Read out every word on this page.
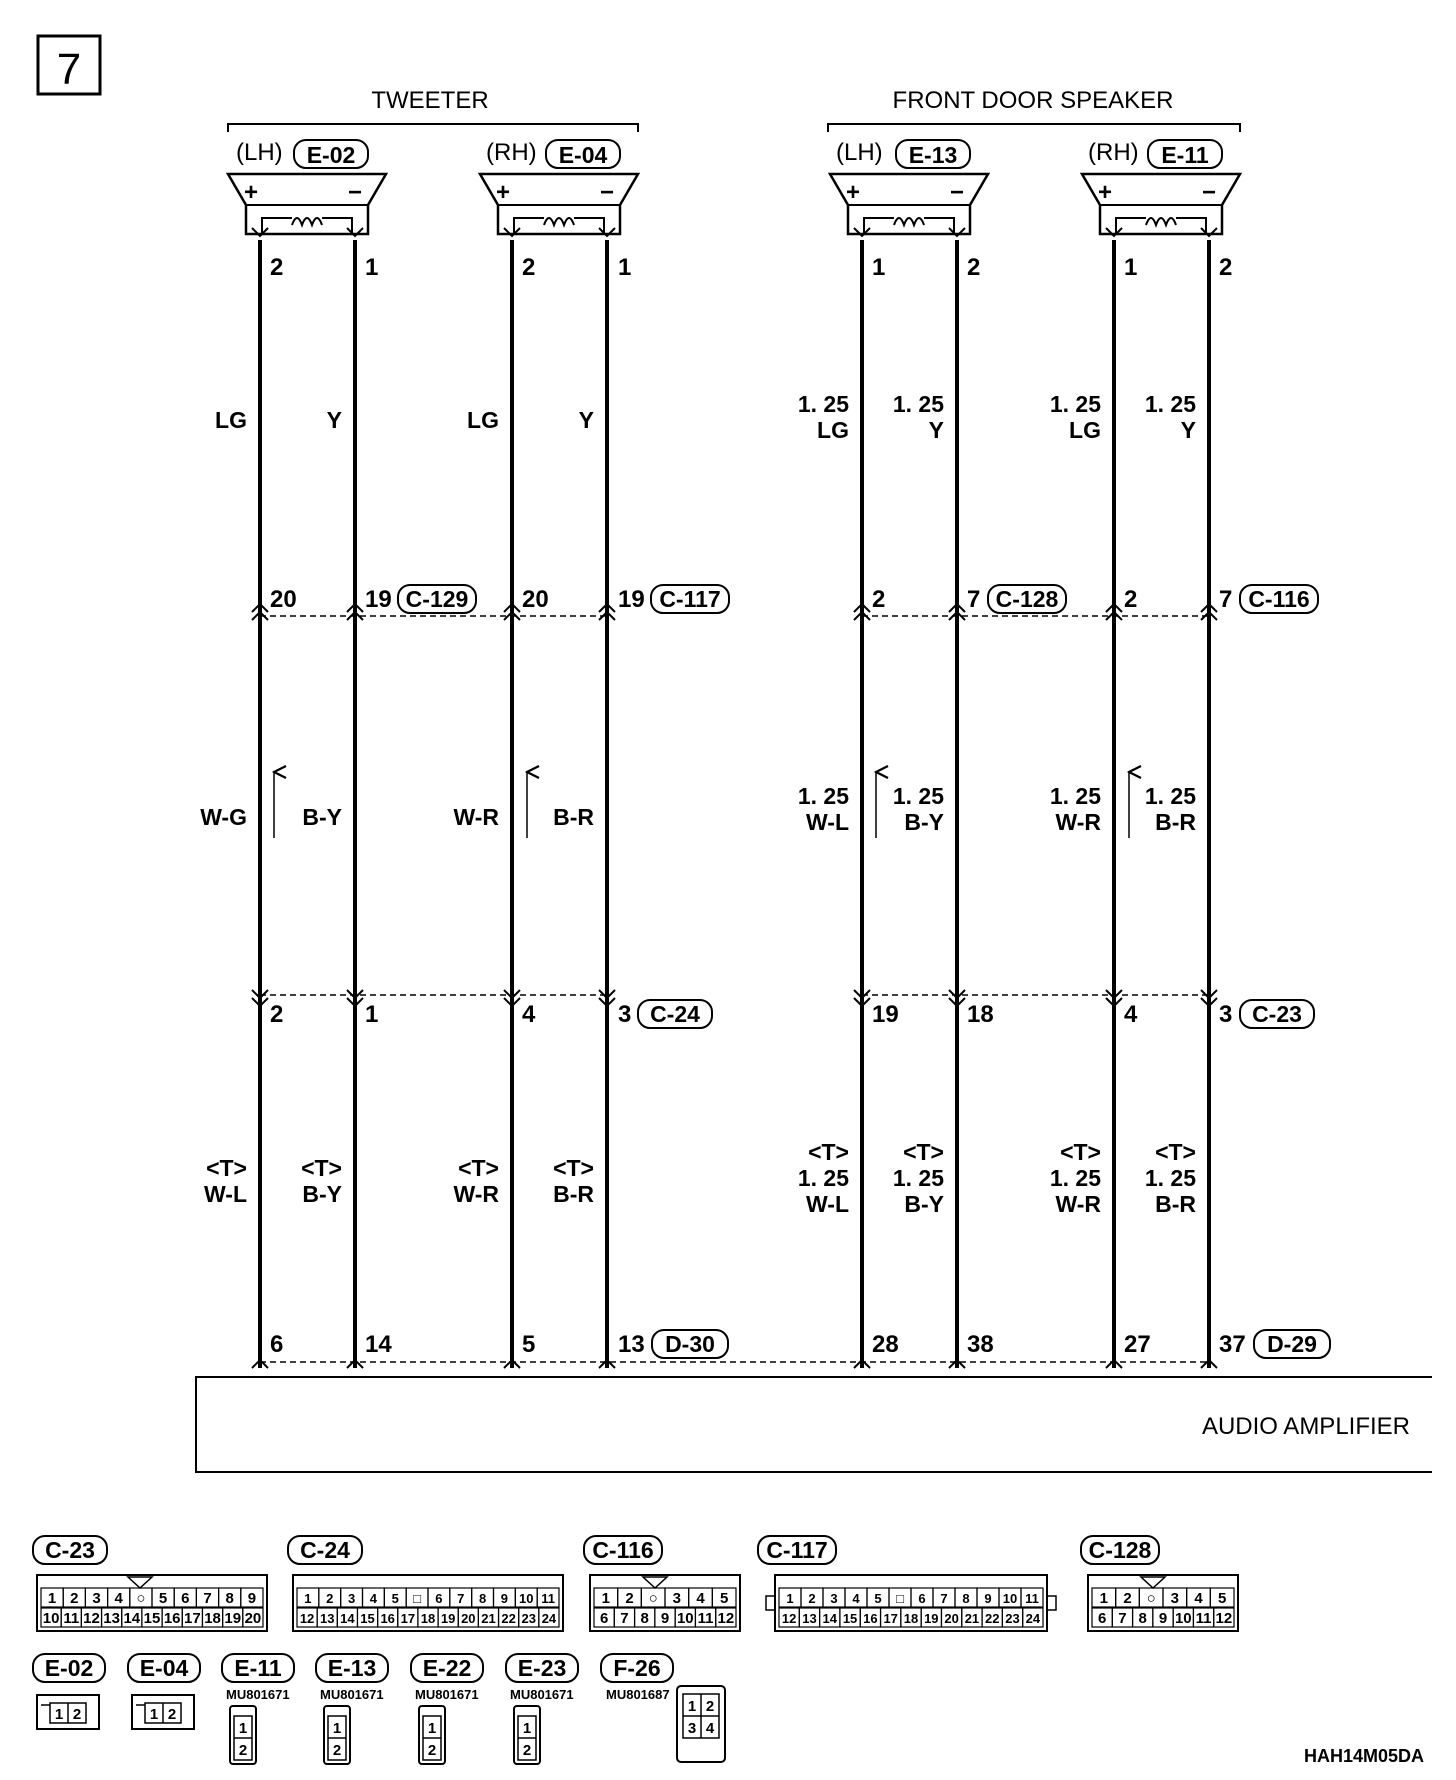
7
TWEETER	FRONT DOOR SPEAKER
(LH) E-02
+	−
(RH) E-04
+	−
(LH) E-13
+	−
(RH) E-11
+	−
2	1	2	1	1	2	1	2
LG	Y	LG	Y
1. 25
LG
1. 25
Y
1. 25
LG
1. 25
Y
20	19 C-129 20	19 C-117	2	7 C-128	2	7 C-116
W-G B-Y	W-R B-R
1. 25
W-L
1. 25
B-Y
1. 25
W-R
1. 25
B-R
2	1	4	3 C-24	19	18	4	3 C-23
<T>
W-L
<T>
B-Y
<T>
W-R
<T>
B-R
<T>
1. 25
W-L
<T>
1. 25
B-Y
<T>
1. 25
W-R
<T>
1. 25
B-R
6	14	5	13 D-30	28	38	27	37 D-29
AUDIO AMPLIFIER
C-23
1 2 3 4 ○ 5 6 7 8 9
10 11 12 13 14 15 16 17 18 19 20
C-24
1 2 3 4 5 □ 6 7 8 9 10 11
12 13 14 15 16 17 18 19 20 21 22 23 24
C-116
1 2 ○ 3 4 5
6 7 8 9 10 11 12
C-117
1 2 3 4 5 □ 6 7 8 9 10 11
12 13 14 15 16 17 18 19 20 21 22 23 24
C-128
1 2 ○ 3 4 5
6 7 8 9 10 11 12
E-02
1 2
E-04
1 2
E-11
MU801671
1
2
E-13
MU801671
1
2
E-22
MU801671
1
2
E-23
MU801671
1
2
F-26
MU801687
1 2
3 4
HAH14M05DA
